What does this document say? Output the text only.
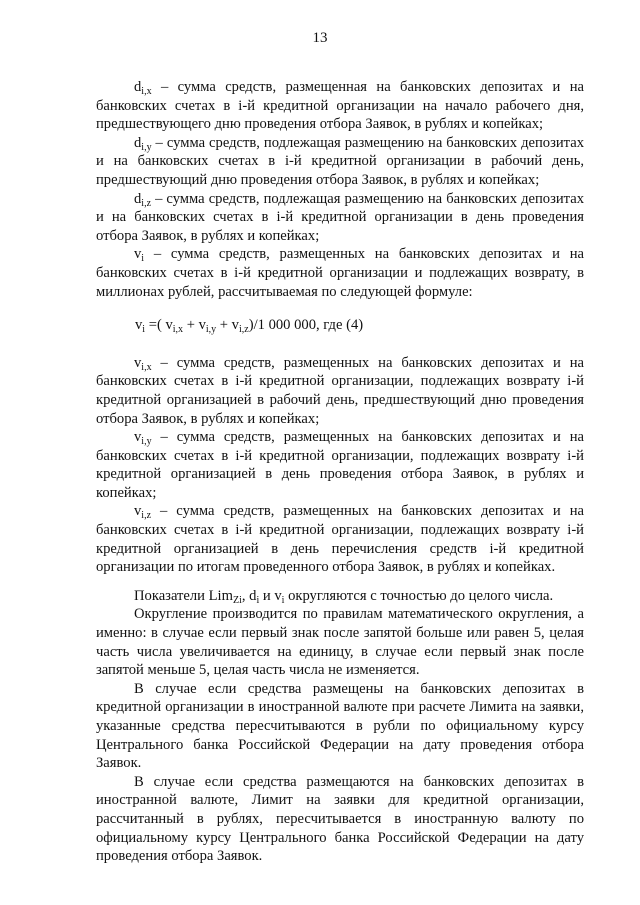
13

$d_{i,x}$ – сумма средств, размещенная на банковских депозитах и на банковских счетах в i-й кредитной организации на начало рабочего дня, предшествующего дню проведения отбора Заявок, в рублях и копейках;

$d_{i,y}$ – сумма средств, подлежащая размещению на банковских депозитах и на банковских счетах в i-й кредитной организации в рабочий день, предшествующий дню проведения отбора Заявок, в рублях и копейках;

$d_{i,z}$ – сумма средств, подлежащая размещению на банковских депозитах и на банковских счетах в i-й кредитной организации в день проведения отбора Заявок, в рублях и копейках;

$v_i$ – сумма средств, размещенных на банковских депозитах и на банковских счетах в i-й кредитной организации и подлежащих возврату, в миллионах рублей, рассчитываемая по следующей формуле:

$v_i$ =( $v_{i,x} + v_{i,y} + v_{i,z})/1$ 000 000, где (4)

$v_{i,x}$ – сумма средств, размещенных на банковских депозитах и на банковских счетах в i-й кредитной организации, подлежащих возврату i-й кредитной организацией в рабочий день, предшествующий дню проведения отбора Заявок, в рублях и копейках;

$v_{i,y}$ – сумма средств, размещенных на банковских депозитах и на банковских счетах в i-й кредитной организации, подлежащих возврату i-й кредитной организацией в день проведения отбора Заявок, в рублях и копейках;

$v_{i,z}$ – сумма средств, размещенных на банковских депозитах и на банковских счетах в i-й кредитной организации, подлежащих возврату i-й кредитной организацией в день перечисления средств i-й кредитной организации по итогам проведенного отбора Заявок, в рублях и копейках.

Показатели Lim$_{Zi}$, $d_i$ и $v_i$ округляются с точностью до целого числа.

Округление производится по правилам математического округления, а именно: в случае если первый знак после запятой больше или равен 5, целая часть числа увеличивается на единицу, в случае если первый знак после запятой меньше 5, целая часть числа не изменяется.

В случае если средства размещены на банковских депозитах в кредитной организации в иностранной валюте при расчете Лимита на заявки, указанные средства пересчитываются в рубли по официальному курсу Центрального банка Российской Федерации на дату проведения отбора Заявок.

В случае если средства размещаются на банковских депозитах в иностранной валюте, Лимит на заявки для кредитной организации, рассчитанный в рублях, пересчитывается в иностранную валюту по официальному курсу Центрального банка Российской Федерации на дату проведения отбора Заявок.
